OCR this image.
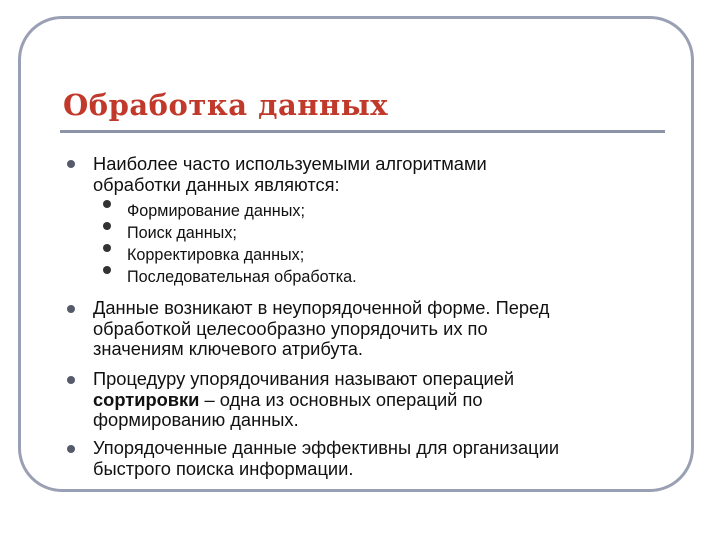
Обработка данных

Наиболее часто используемыми алгоритмами
обработки данных являются:

Формирование данных;
Поиск данных;
Корректировка данных;
Последовательная обработка.

Данные возникают в неупорядоченной форме. Перед
обработкой целесообразно упорядочить их по
значениям ключевого атрибута.

Процедуру упорядочивания называют операцией
сортировки – одна из основных операций по
формированию данных.

Упорядоченные данные эффективны для организации
быстрого поиска информации.
